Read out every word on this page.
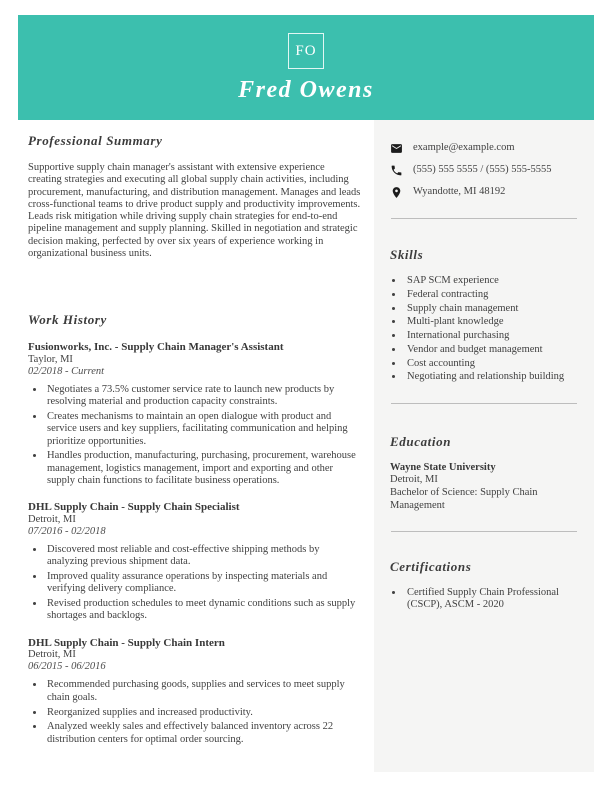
FO
Fred Owens
Professional Summary

Supportive supply chain manager's assistant with extensive experience creating strategies and executing all global supply chain activities, including procurement, manufacturing, and distribution management. Manages and leads cross-functional teams to drive product supply and productivity improvements. Leads risk mitigation while driving supply chain strategies for end-to-end pipeline management and supply planning. Skilled in negotiation and strategic decision making, perfected by over six years of experience working in organizational business units.

Work History
Fusionworks, Inc. - Supply Chain Manager's Assistant
Taylor, MI
02/2018 - Current
• Negotiates a 73.5% customer service rate to launch new products by resolving material and production capacity constraints.
• Creates mechanisms to maintain an open dialogue with product and service users and key suppliers, facilitating communication and helping prioritize opportunities.
• Handles production, manufacturing, purchasing, procurement, warehouse management, logistics management, import and exporting and other supply chain functions to facilitate business operations.
DHL Supply Chain - Supply Chain Specialist
Detroit, MI
07/2016 - 02/2018
• Discovered most reliable and cost-effective shipping methods by analyzing previous shipment data.
• Improved quality assurance operations by inspecting materials and verifying delivery compliance.
• Revised production schedules to meet dynamic conditions such as supply shortages and backlogs.
DHL Supply Chain - Supply Chain Intern
Detroit, MI
06/2015 - 06/2016
• Recommended purchasing goods, supplies and services to meet supply chain goals.
• Reorganized supplies and increased productivity.
• Analyzed weekly sales and effectively balanced inventory across 22 distribution centers for optimal order sourcing.
example@example.com
(555) 555 5555 / (555) 555-5555
Wyandotte, MI 48192
Skills
• SAP SCM experience
• Federal contracting
• Supply chain management
• Multi-plant knowledge
• International purchasing
• Vendor and budget management
• Cost accounting
• Negotiating and relationship building
Education
Wayne State University
Detroit, MI
Bachelor of Science: Supply Chain Management
Certifications
• Certified Supply Chain Professional (CSCP), ASCM - 2020
